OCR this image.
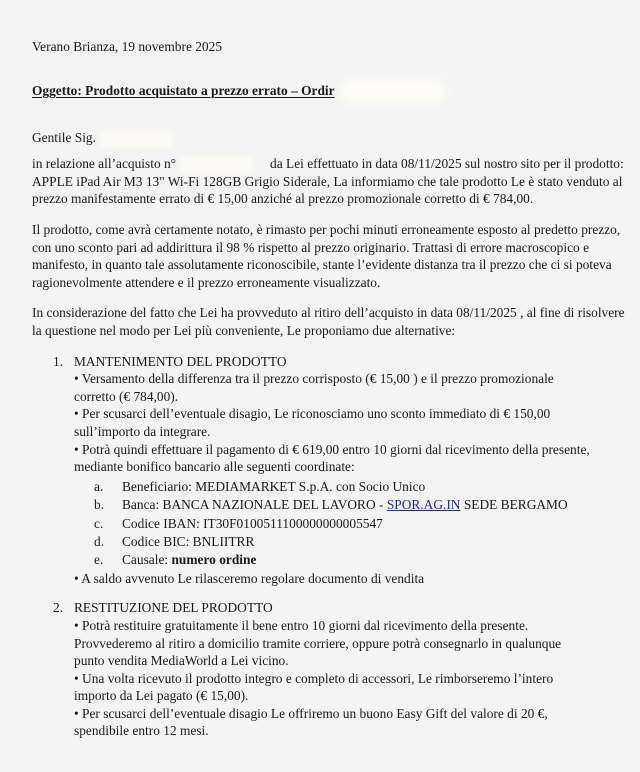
Verano Brianza, 19 novembre 2025
Oggetto: Prodotto acquistato a prezzo errato – Ordir
Gentile Sig.
in relazione all’acquisto n°	da Lei effettuato in data 08/11/2025 sul nostro sito per il prodotto: APPLE iPad Air M3 13" Wi-Fi 128GB Grigio Siderale, La informiamo che tale prodotto Le è stato venduto al prezzo manifestamente errato di € 15,00 anziché al prezzo promozionale corretto di € 784,00.
Il prodotto, come avrà certamente notato, è rimasto per pochi minuti erroneamente esposto al predetto prezzo, con uno sconto pari ad addirittura il 98 % rispetto al prezzo originario. Trattasi di errore macroscopico e manifesto, in quanto tale assolutamente riconoscibile, stante l’evidente distanza tra il prezzo che ci si poteva ragionevolmente attendere e il prezzo erroneamente visualizzato.
In considerazione del fatto che Lei ha provveduto al ritiro dell’acquisto in data 08/11/2025 , al fine di risolvere la questione nel modo per Lei più conveniente, Le proponiamo due alternative:
1. MANTENIMENTO DEL PRODOTTO
• Versamento della differenza tra il prezzo corrisposto (€ 15,00 ) e il prezzo promozionale corretto (€ 784,00).
• Per scusarci dell’eventuale disagio, Le riconosciamo uno sconto immediato di € 150,00 sull’importo da integrare.
• Potrà quindi effettuare il pagamento di € 619,00 entro 10 giorni dal ricevimento della presente, mediante bonifico bancario alle seguenti coordinate:
a. Beneficiario: MEDIAMARKET S.p.A. con Socio Unico
b. Banca: BANCA NAZIONALE DEL LAVORO - SPOR.AG.IN SEDE BERGAMO
c. Codice IBAN: IT30F0100511100000000005547
d. Codice BIC: BNLIITRR
e. Causale: numero ordine
• A saldo avvenuto Le rilasceremo regolare documento di vendita
2. RESTITUZIONE DEL PRODOTTO
• Potrà restituire gratuitamente il bene entro 10 giorni dal ricevimento della presente. Provvederemo al ritiro a domicilio tramite corriere, oppure potrà consegnarlo in qualunque punto vendita MediaWorld a Lei vicino.
• Una volta ricevuto il prodotto integro e completo di accessori, Le rimborseremo l’intero importo da Lei pagato (€ 15,00).
• Per scusarci dell’eventuale disagio Le offriremo un buono Easy Gift del valore di 20 €, spendibile entro 12 mesi.
